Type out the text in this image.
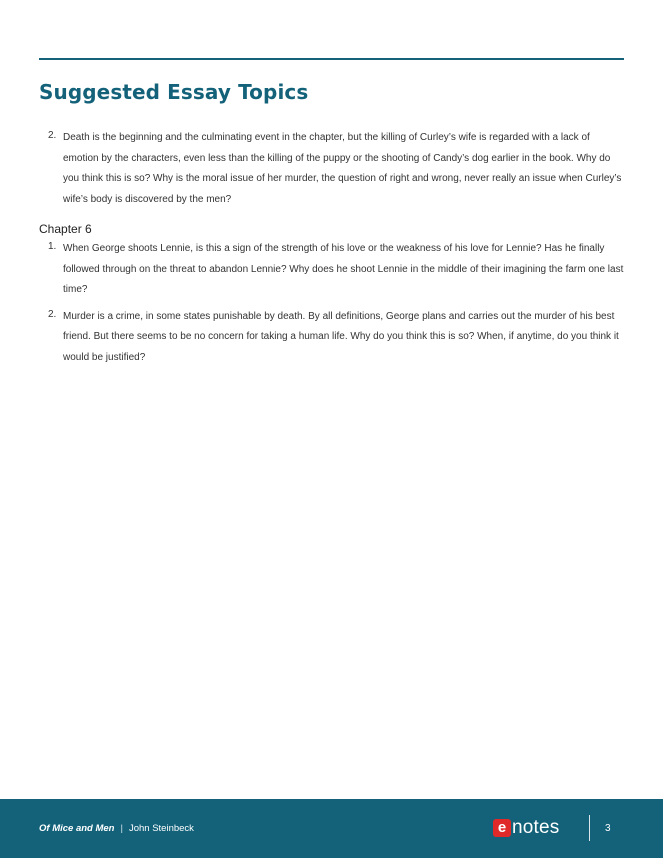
Suggested Essay Topics
2. Death is the beginning and the culminating event in the chapter, but the killing of Curley’s wife is regarded with a lack of emotion by the characters, even less than the killing of the puppy or the shooting of Candy’s dog earlier in the book. Why do you think this is so? Why is the moral issue of her murder, the question of right and wrong, never really an issue when Curley’s wife’s body is discovered by the men?
Chapter 6
1. When George shoots Lennie, is this a sign of the strength of his love or the weakness of his love for Lennie? Has he finally followed through on the threat to abandon Lennie? Why does he shoot Lennie in the middle of their imagining the farm one last time?
2. Murder is a crime, in some states punishable by death. By all definitions, George plans and carries out the murder of his best friend. But there seems to be no concern for taking a human life. Why do you think this is so? When, if anytime, do you think it would be justified?
Of Mice and Men | John Steinbeck	e notes	3
